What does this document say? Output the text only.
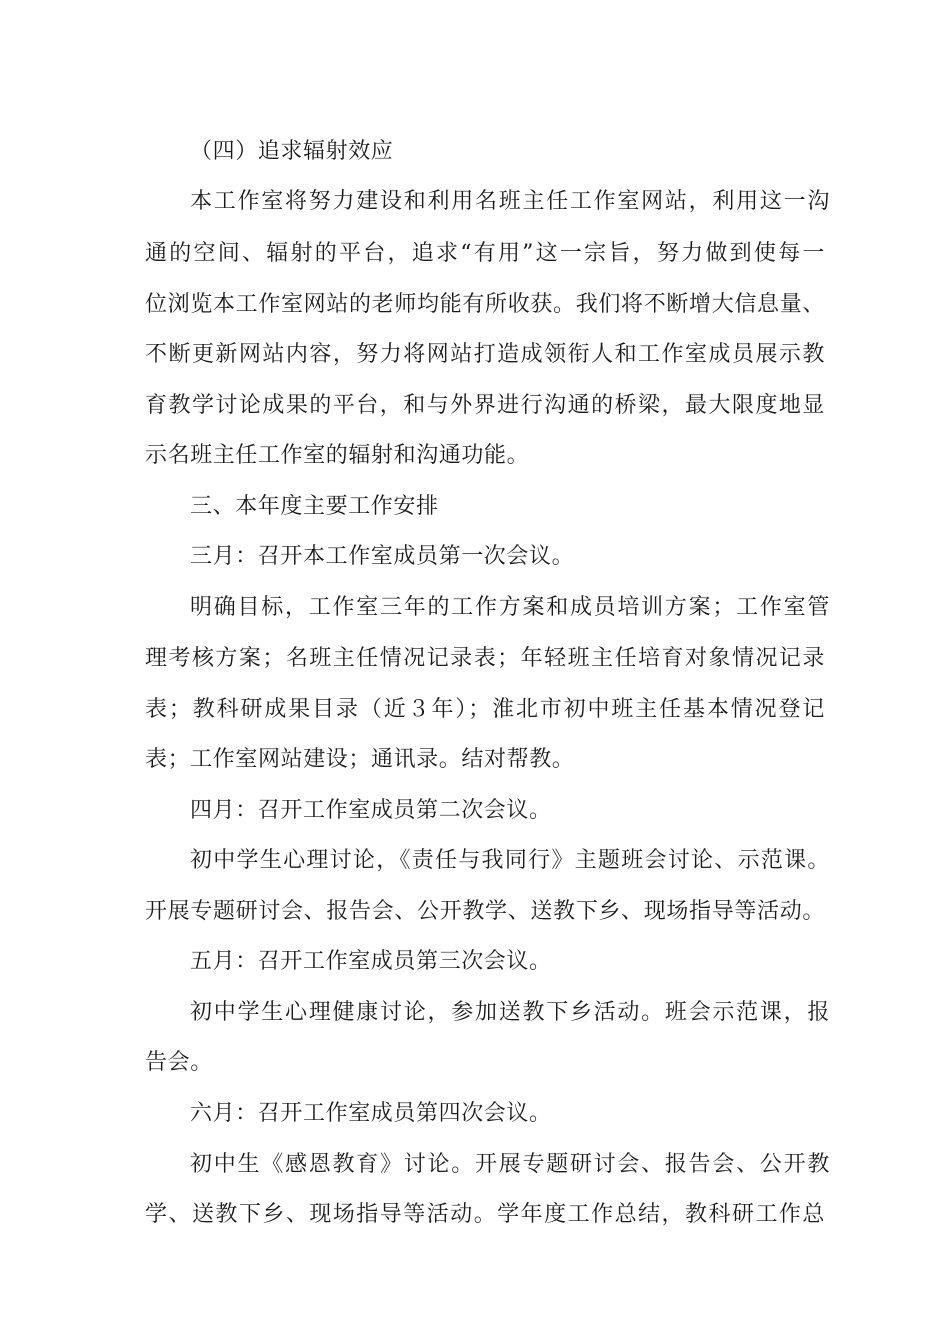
（四）追求辐射效应
本工作室将努力建设和利用名班主任工作室网站，利用这一沟
通的空间、辐射的平台，追求“有用”这一宗旨，努力做到使每一
位浏览本工作室网站的老师均能有所收获。我们将不断增大信息量、
不断更新网站内容，努力将网站打造成领衔人和工作室成员展示教
育教学讨论成果的平台，和与外界进行沟通的桥梁，最大限度地显
示名班主任工作室的辐射和沟通功能。
三、本年度主要工作安排
三月：召开本工作室成员第一次会议。
明确目标，工作室三年的工作方案和成员培训方案；工作室管
理考核方案；名班主任情况记录表；年轻班主任培育对象情况记录
表；教科研成果目录（近３年）；淮北市初中班主任基本情况登记
表；工作室网站建设；通讯录。结对帮教。
四月：召开工作室成员第二次会议。
初中学生心理讨论，《责任与我同行》主题班会讨论、示范课。
开展专题研讨会、报告会、公开教学、送教下乡、现场指导等活动。
五月：召开工作室成员第三次会议。
初中学生心理健康讨论，参加送教下乡活动。班会示范课，报
告会。
六月：召开工作室成员第四次会议。
初中生《感恩教育》讨论。开展专题研讨会、报告会、公开教
学、送教下乡、现场指导等活动。学年度工作总结，教科研工作总
